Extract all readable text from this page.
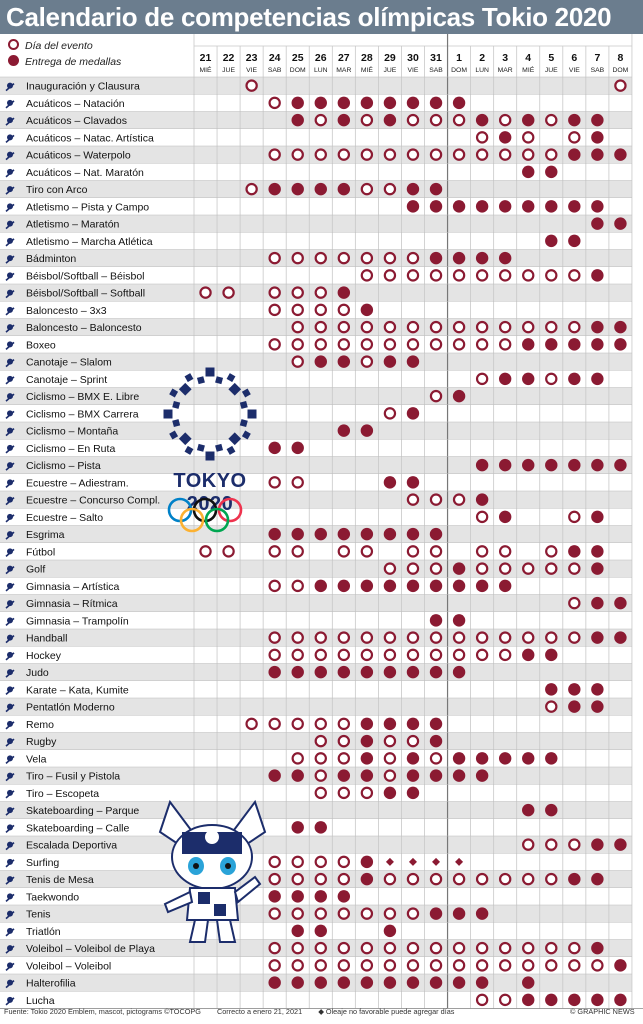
Calendario de competencias olímpicas Tokio 2020
Día del evento
Entrega de medallas	21
MIÉ
22
JUE
23
VIE
24
SAB
25
DOM
26
LUN
27
MAR
28
MIÉ
29
JUE
30
VIE
31
SAB
1
DOM
2
LUN
3
MAR
4
MIÉ
5
JUE
6
VIE
7
SAB
8
DOM
Inauguración y Clausura
Acuáticos – Natación
Acuáticos – Clavados
Acuáticos – Natac. Artística
Acuáticos – Waterpolo
Acuáticos – Nat. Maratón
Tiro con Arco
Atletismo – Pista y Campo
Atletismo – Maratón
Atletismo – Marcha Atlética
Bádminton
Béisbol/Softball – Béisbol
Béisbol/Softball – Softball
Baloncesto – 3x3
Baloncesto – Baloncesto
Boxeo
Canotaje – Slalom
Canotaje – Sprint
Ciclismo – BMX E. Libre
Ciclismo – BMX Carrera
Ciclismo – Montaña
Ciclismo – En Ruta
Ciclismo – Pista
Ecuestre – Adiestram.
Ecuestre – Concurso Compl.
Ecuestre – Salto
Esgrima
Fútbol
Golf
Gimnasia – Artística
Gimnasia – Rítmica
Gimnasia – Trampolín
Handball
Hockey
Judo
Karate – Kata, Kumite
Pentatlón Moderno
Remo
Rugby
Vela
Tiro – Fusil y Pistola
Tiro – Escopeta
Skateboarding – Parque
Skateboarding – Calle
Escalada Deportiva
Surfing
Tenis de Mesa
Taekwondo
Tenis
Triatlón
Voleibol – Voleibol de Playa
Voleibol – Voleibol
Halterofilia
Lucha
TOKYO 2020
Fuente: Tokio 2020 Emblem, mascot, pictograms ©TOCOPG Correcto a enero 21, 2021 ◆ Oleaje no favorable puede agregar días	© GRAPHIC NEWS
